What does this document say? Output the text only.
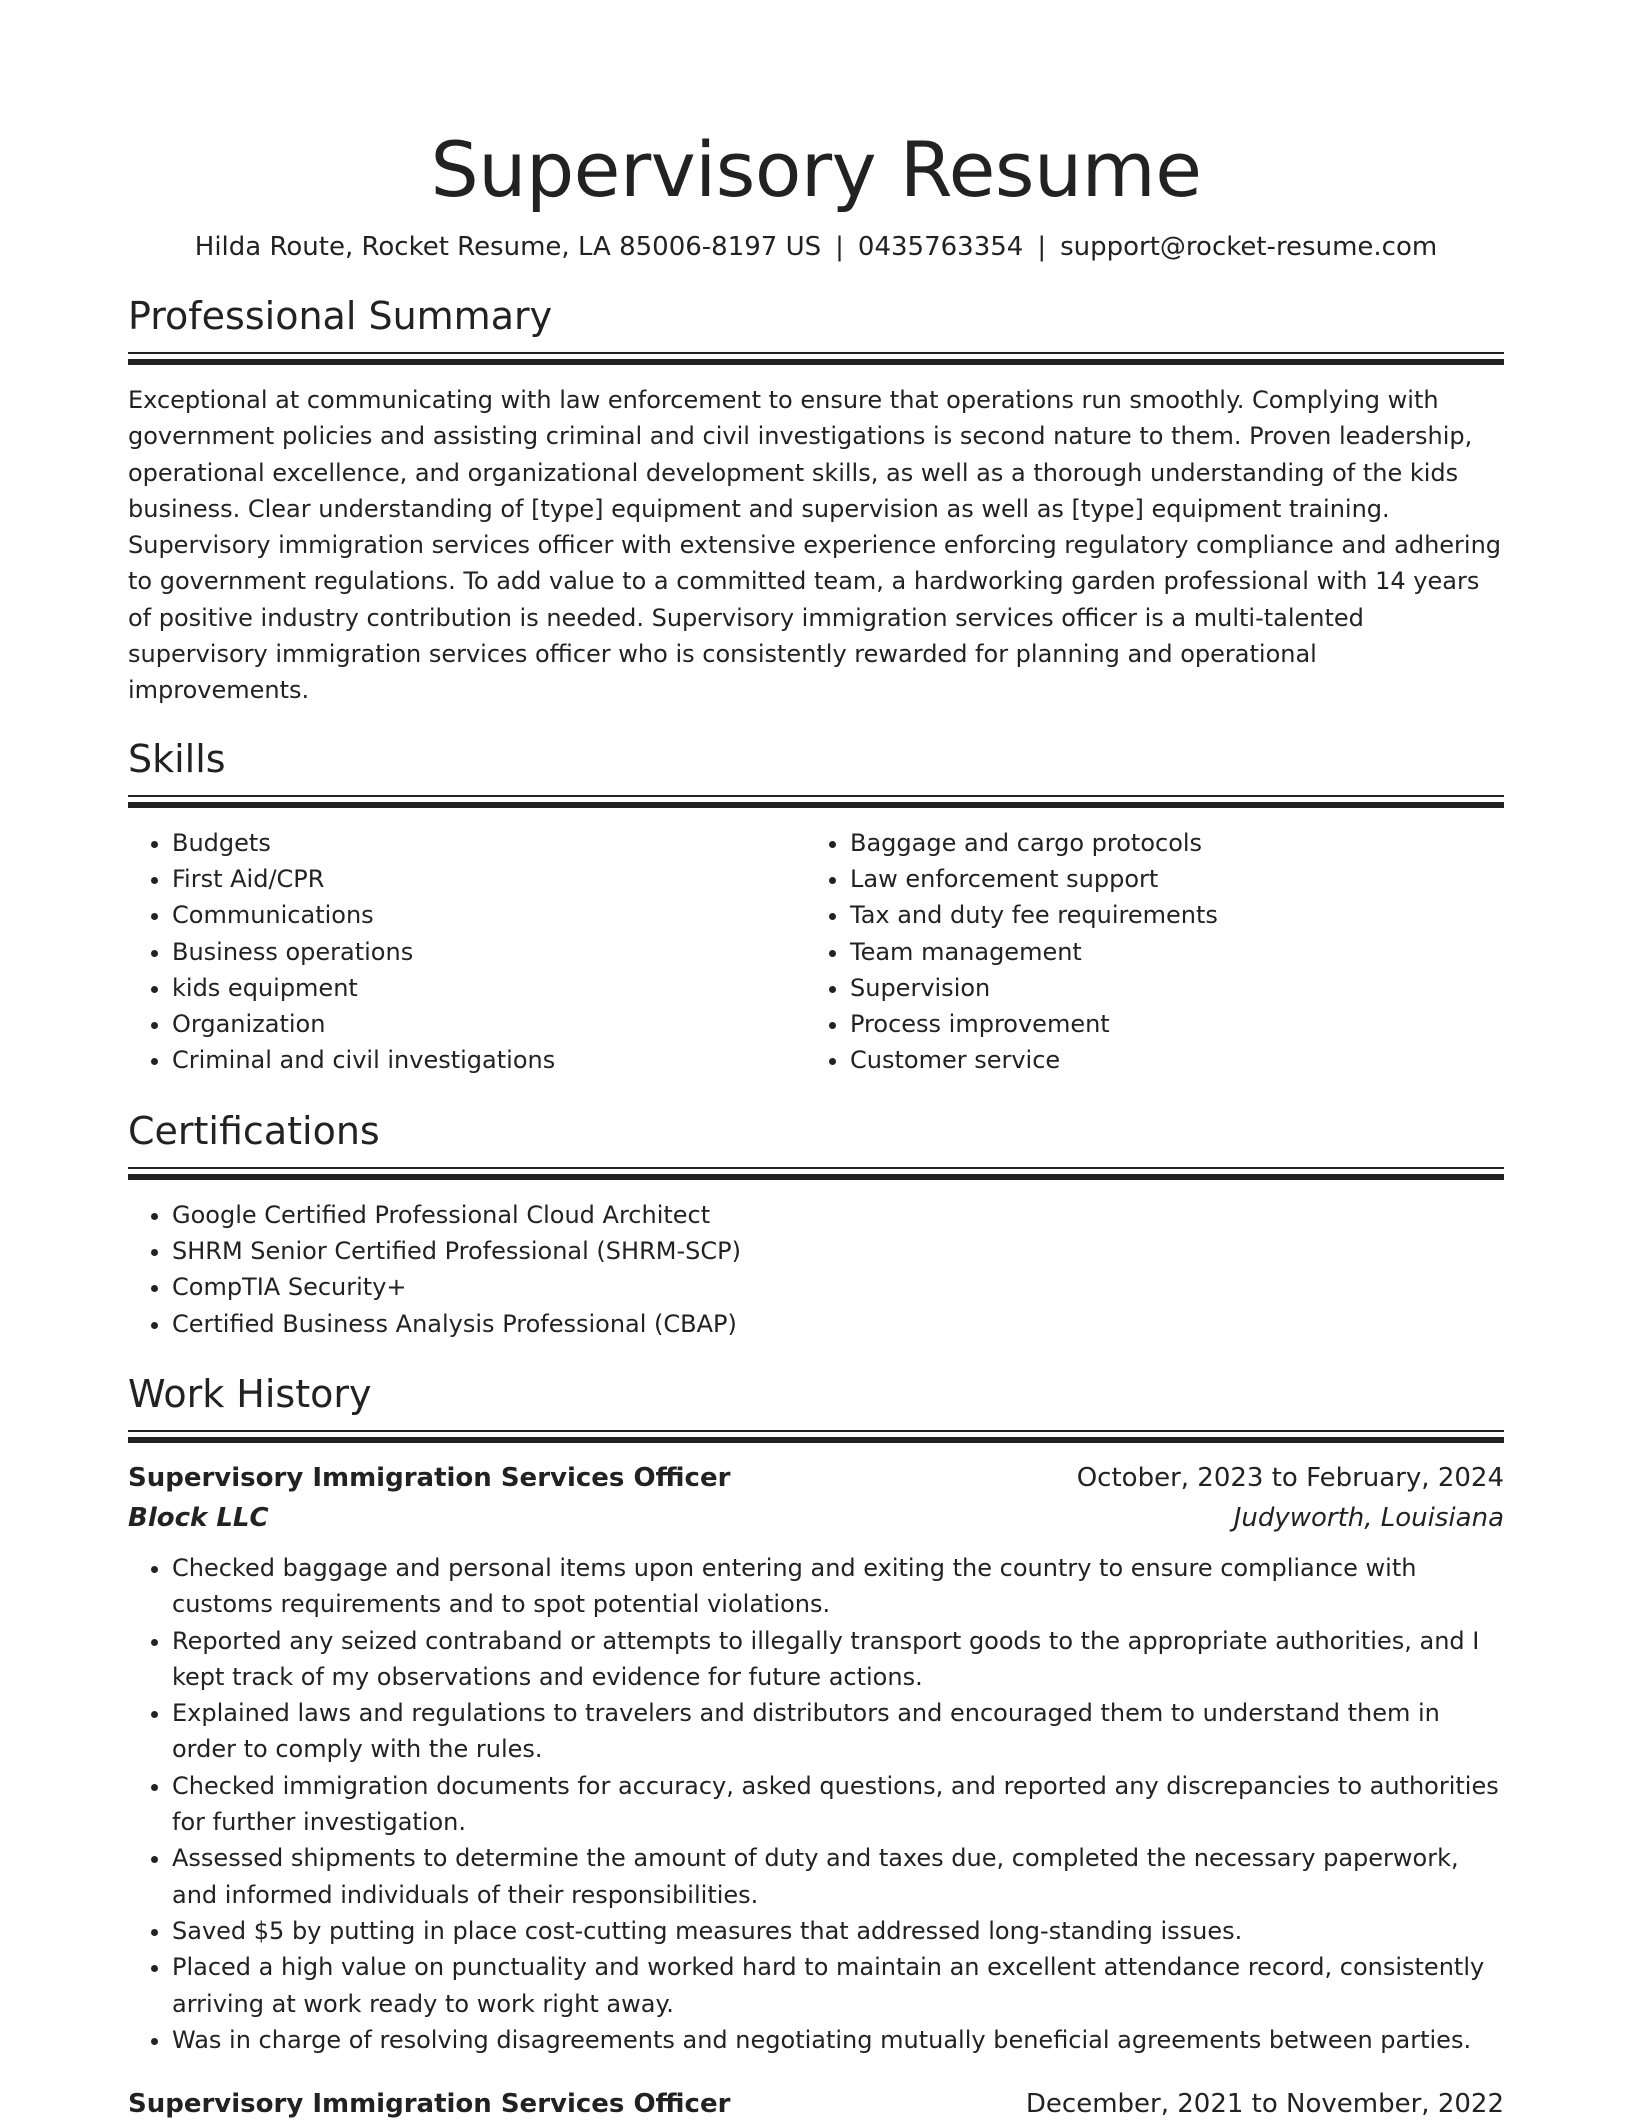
Supervisory Resume
Hilda Route, Rocket Resume, LA 85006-8197 US | 0435763354 | support@rocket-resume.com
Professional Summary
Exceptional at communicating with law enforcement to ensure that operations run smoothly. Complying with government policies and assisting criminal and civil investigations is second nature to them. Proven leadership, operational excellence, and organizational development skills, as well as a thorough understanding of the kids business. Clear understanding of [type] equipment and supervision as well as [type] equipment training. Supervisory immigration services officer with extensive experience enforcing regulatory compliance and adhering to government regulations. To add value to a committed team, a hardworking garden professional with 14 years of positive industry contribution is needed. Supervisory immigration services officer is a multi-talented supervisory immigration services officer who is consistently rewarded for planning and operational improvements.
Skills
• Budgets
• First Aid/CPR
• Communications
• Business operations
• kids equipment
• Organization
• Criminal and civil investigations
• Baggage and cargo protocols
• Law enforcement support
• Tax and duty fee requirements
• Team management
• Supervision
• Process improvement
• Customer service
Certifications
• Google Certified Professional Cloud Architect
• SHRM Senior Certified Professional (SHRM-SCP)
• CompTIA Security+
• Certified Business Analysis Professional (CBAP)
Work History
Supervisory Immigration Services Officer	October, 2023 to February, 2024
Block LLC	Judyworth, Louisiana
• Checked baggage and personal items upon entering and exiting the country to ensure compliance with customs requirements and to spot potential violations.
• Reported any seized contraband or attempts to illegally transport goods to the appropriate authorities, and I kept track of my observations and evidence for future actions.
• Explained laws and regulations to travelers and distributors and encouraged them to understand them in order to comply with the rules.
• Checked immigration documents for accuracy, asked questions, and reported any discrepancies to authorities for further investigation.
• Assessed shipments to determine the amount of duty and taxes due, completed the necessary paperwork, and informed individuals of their responsibilities.
• Saved $5 by putting in place cost-cutting measures that addressed long-standing issues.
• Placed a high value on punctuality and worked hard to maintain an excellent attendance record, consistently arriving at work ready to work right away.
• Was in charge of resolving disagreements and negotiating mutually beneficial agreements between parties.
Supervisory Immigration Services Officer	December, 2021 to November, 2022
